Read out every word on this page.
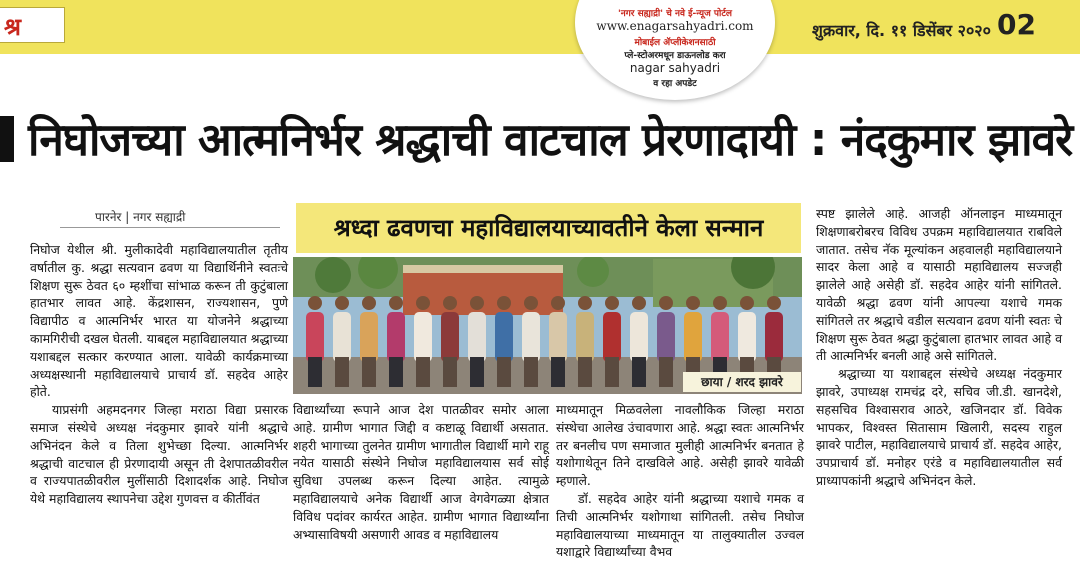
श्र	'नगर सह्याद्री' चे नवे ई-न्यूज पोर्टल
www.enagarsahyadri.com
मोबाईल ॲप्लीकेशनसाठी
प्ले-स्टोअरमधून डाऊनलोड करा
nagar sahyadri
व रहा अपडेट
शुक्रवार, दि. ११ डिसेंबर २०२० 02
निघोजच्या आत्मनिर्भर श्रद्धाची वाटचाल प्रेरणादायी : नंदकुमार झावरे
पारनेर | नगर सह्याद्री

निघोज येथील श्री. मुलीकादेवी महाविद्यालयातील तृतीय वर्षातील कु. श्रद्धा सत्यवान ढवण या विद्यार्थिनीने स्वतःचे शिक्षण सुरू ठेवत ६० म्हशींचा सांभाळ करून ती कुटुंबाला हातभार लावत आहे. केंद्रशासन, राज्यशासन, पुणे विद्यापीठ व आत्मनिर्भर भारत या योजनेने श्रद्धाच्या कामगिरीची दखल घेतली. याबद्दल महाविद्यालयात श्रद्धाच्या यशाबद्दल सत्कार करण्यात आला. यावेळी कार्यक्रमाच्या अध्यक्षस्थानी महाविद्यालयाचे प्राचार्य डॉ. सहदेव आहेर होते.

याप्रसंगी अहमदनगर जिल्हा मराठा विद्या प्रसारक समाज संस्थेचे अध्यक्ष नंदकुमार झावरे यांनी श्रद्धाचे अभिनंदन केले व तिला शुभेच्छा दिल्या. आत्मनिर्भर श्रद्धाची वाटचाल ही प्रेरणादायी असून ती देशपातळीवरील व राज्यपातळीवरील मुलींसाठी दिशादर्शक आहे. निघोज येथे महाविद्यालय स्थापनेचा उद्देश गुणवत्त व कीर्तीवंत

श्रध्दा ढवणचा महाविद्यालयाच्यावतीने केला सन्मान
छाया / शरद झावरे

विद्यार्थ्यांच्या रूपाने आज देश पातळीवर समोर आला आहे. ग्रामीण भागात जिद्दी व कष्टाळू विद्यार्थी असतात. शहरी भागाच्या तुलनेत ग्रामीण भागातील विद्यार्थी मागे राहू नयेत यासाठी संस्थेने निघोज महाविद्यालयास सर्व सोई सुविधा उपलब्ध करून दिल्या आहेत. त्यामुळे महाविद्यालयाचे अनेक विद्यार्थी आज वेगवेगळ्या क्षेत्रात विविध पदांवर कार्यरत आहेत. ग्रामीण भागात विद्यार्थ्यांना अभ्यासाविषयी असणारी आवड व महाविद्यालय

माध्यमातून मिळवलेला नावलौकिक जिल्हा मराठा संस्थेचा आलेख उंचावणारा आहे. श्रद्धा स्वतः आत्मनिर्भर तर बनलीच पण समाजात मुलीही आत्मनिर्भर बनतात हे यशोगाथेतून तिने दाखविले आहे. असेही झावरे यावेळी म्हणाले.

डॉ. सहदेव आहेर यांनी श्रद्धाच्या यशाचे गमक व तिची आत्मनिर्भर यशोगाथा सांगितली. तसेच निघोज महाविद्यालयाच्या माध्यमातून या तालुक्यातील उज्वल यशाद्वारे विद्यार्थ्यांच्या वैभव

स्पष्ट झालेले आहे. आजही ऑनलाइन माध्यमातून शिक्षणाबरोबरच विविध उपक्रम महाविद्यालयात राबविले जातात. तसेच नॅक मूल्यांकन अहवालही महाविद्यालयाने सादर केला आहे व यासाठी महाविद्यालय सज्जही झालेले आहे असेही डॉ. सहदेव आहेर यांनी सांगितले. यावेळी श्रद्धा ढवण यांनी आपल्या यशाचे गमक सांगितले तर श्रद्धाचे वडील सत्यवान ढवण यांनी स्वतः चे शिक्षण सुरू ठेवत श्रद्धा कुटुंबाला हातभार लावत आहे व ती आत्मनिर्भर बनली आहे असे सांगितले.

श्रद्धाच्या या यशाबद्दल संस्थेचे अध्यक्ष नंदकुमार झावरे, उपाध्यक्ष रामचंद्र दरे, सचिव जी.डी. खानदेशे, सहसचिव विश्वासराव आठरे, खजिनदार डॉ. विवेक भापकर, विश्वस्त सितासाम खिलारी, सदस्य राहुल झावरे पाटील, महाविद्यालयाचे प्राचार्य डॉ. सहदेव आहेर, उपप्राचार्य डॉ. मनोहर एरंडे व महाविद्यालयातील सर्व प्राध्यापकांनी श्रद्धाचे अभिनंदन केले.
